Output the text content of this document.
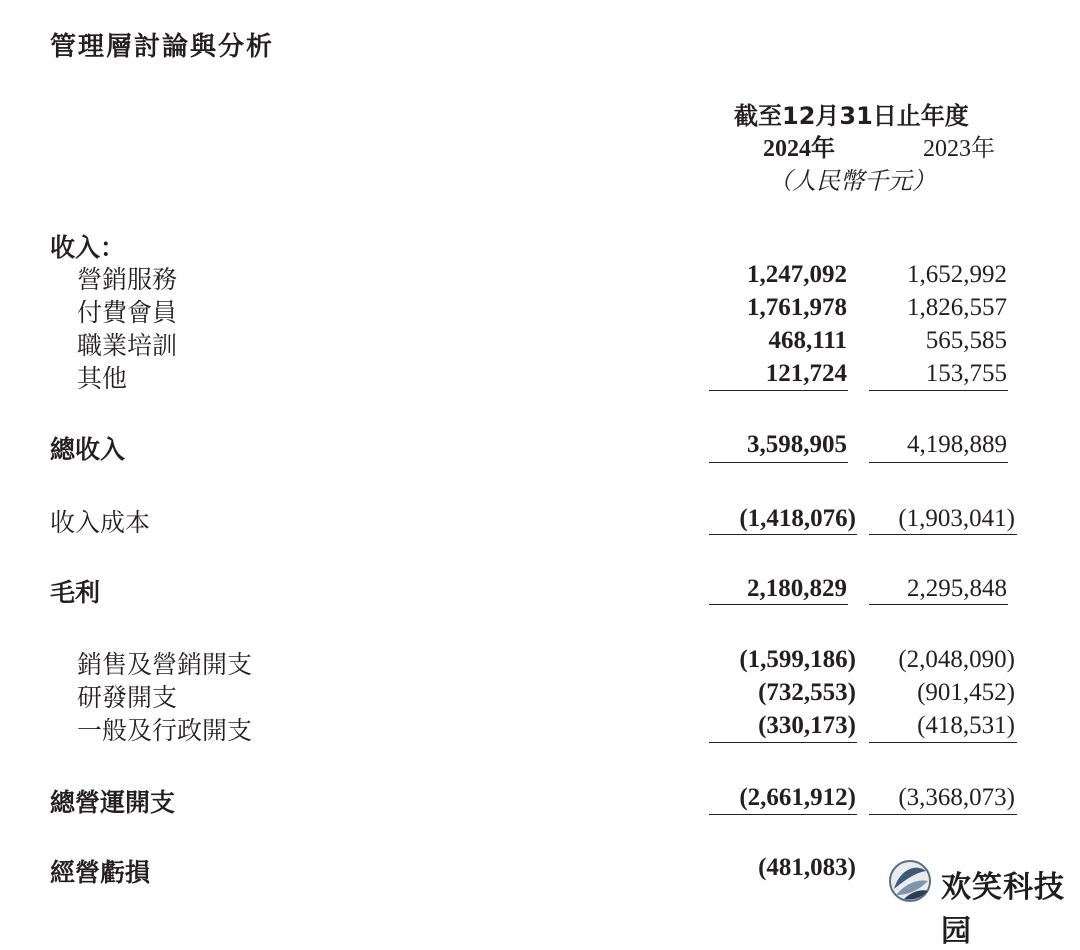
管理層討論與分析
截至12月31日止年度
2024年	2023年
（人民幣千元）
收入：
營銷服務	1,247,092 1,652,992
付費會員	1,761,978 1,826,557
職業培訓	468,111	565,585
其他	121,724	153,755
總收入	3,598,905 4,198,889
收入成本	(1,418,076) (1,903,041)
毛利	2,180,829 2,295,848
銷售及營銷開支	(1,599,186) (2,048,090)
研發開支	(732,553) (901,452)
一般及行政開支	(330,173) (418,531)
總營運開支	(2,661,912) (3,368,073)
經營虧損	(481,083)
欢笑科技园
